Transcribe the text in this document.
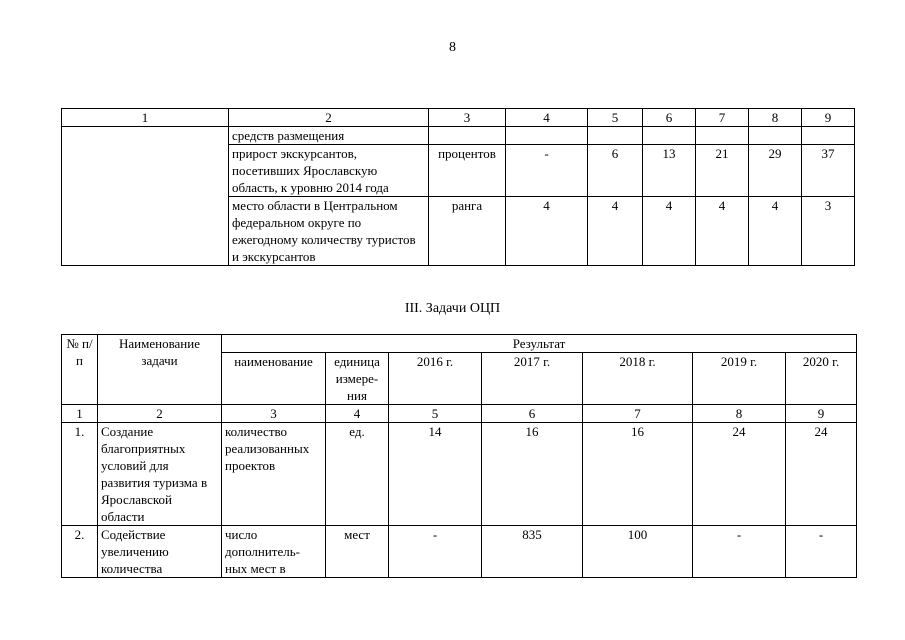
8
1	2	3	4	5	6	7	8	9
	средств размещения							
	прирост экскурсантов, посетивших Ярославскую область, к уровню 2014 года	процентов	-	6	13	21	29	37
	место области в Центральном федеральном округе по ежегодному количеству туристов и экскурсантов	ранга	4	4	4	4	4	3
III. Задачи ОЦП
№ п/п	Наименование задачи	Результат						
		наименование	единица измере-ния	2016 г.	2017 г.	2018 г.	2019 г.	2020 г.
1	2	3	4	5	6	7	8	9
1.	Создание благоприятных условий для развития туризма в Ярославской области	количество реализованных проектов	ед.	14	16	16	24	24
2.	Содействие увеличению количества	число дополнитель-ных мест в	мест	-	835	100	-	-
